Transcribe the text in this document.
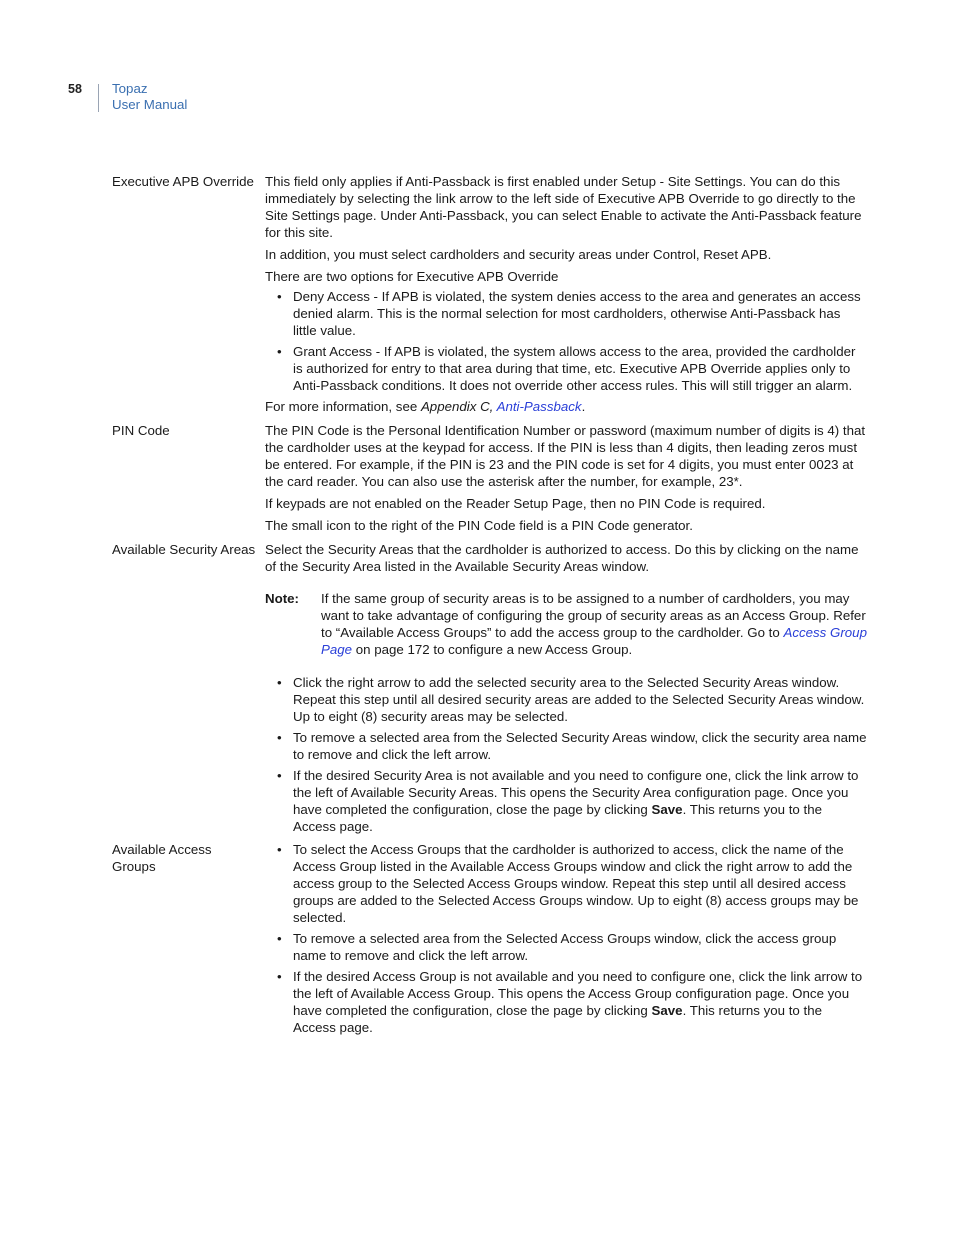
58 Topaz
User Manual
Executive APB Override This field only applies if Anti-Passback is first enabled under Setup - Site Settings. You can do this immediately by selecting the link arrow to the left side of Executive APB Override to go directly to the Site Settings page. Under Anti-Passback, you can select Enable to activate the Anti-Passback feature for this site.

In addition, you must select cardholders and security areas under Control, Reset APB.

There are two options for Executive APB Override

• Deny Access - If APB is violated, the system denies access to the area and generates an access denied alarm. This is the normal selection for most cardholders, otherwise Anti-Passback has little value.
• Grant Access - If APB is violated, the system allows access to the area, provided the cardholder is authorized for entry to that area during that time, etc. Executive APB Override applies only to Anti-Passback conditions. It does not override other access rules. This will still trigger an alarm.

For more information, see Appendix C, Anti-Passback.

PIN Code	The PIN Code is the Personal Identification Number or password (maximum number of digits is 4) that the cardholder uses at the keypad for access. If the PIN is less than 4 digits, then leading zeros must be entered. For example, if the PIN is 23 and the PIN code is set for 4 digits, you must enter 0023 at the card reader. You can also use the asterisk after the number, for example, 23*.

If keypads are not enabled on the Reader Setup Page, then no PIN Code is required.

The small icon to the right of the PIN Code field is a PIN Code generator.

Available Security Areas Select the Security Areas that the cardholder is authorized to access. Do this by clicking on the name of the Security Area listed in the Available Security Areas window.

Note:	If the same group of security areas is to be assigned to a number of cardholders, you may want to take advantage of configuring the group of security areas as an Access Group. Refer to “Available Access Groups” to add the access group to the cardholder. Go to Access Group Page on page 172 to configure a new Access Group.
• Click the right arrow to add the selected security area to the Selected Security Areas window. Repeat this step until all desired security areas are added to the Selected Security Areas window. Up to eight (8) security areas may be selected.
• To remove a selected area from the Selected Security Areas window, click the security area name to remove and click the left arrow.
• If the desired Security Area is not available and you need to configure one, click the link arrow to the left of Available Security Areas. This opens the Security Area configuration page. Once you have completed the configuration, close the page by clicking Save. This returns you to the Access page.
Available Access
Groups
• To select the Access Groups that the cardholder is authorized to access, click the name of the Access Group listed in the Available Access Groups window and click the right arrow to add the access group to the Selected Access Groups window. Repeat this step until all desired access groups are added to the Selected Access Groups window. Up to eight (8) access groups may be selected.
• To remove a selected area from the Selected Access Groups window, click the access group name to remove and click the left arrow.
• If the desired Access Group is not available and you need to configure one, click the link arrow to the left of Available Access Group. This opens the Access Group configuration page. Once you have completed the configuration, close the page by clicking Save. This returns you to the Access page.
